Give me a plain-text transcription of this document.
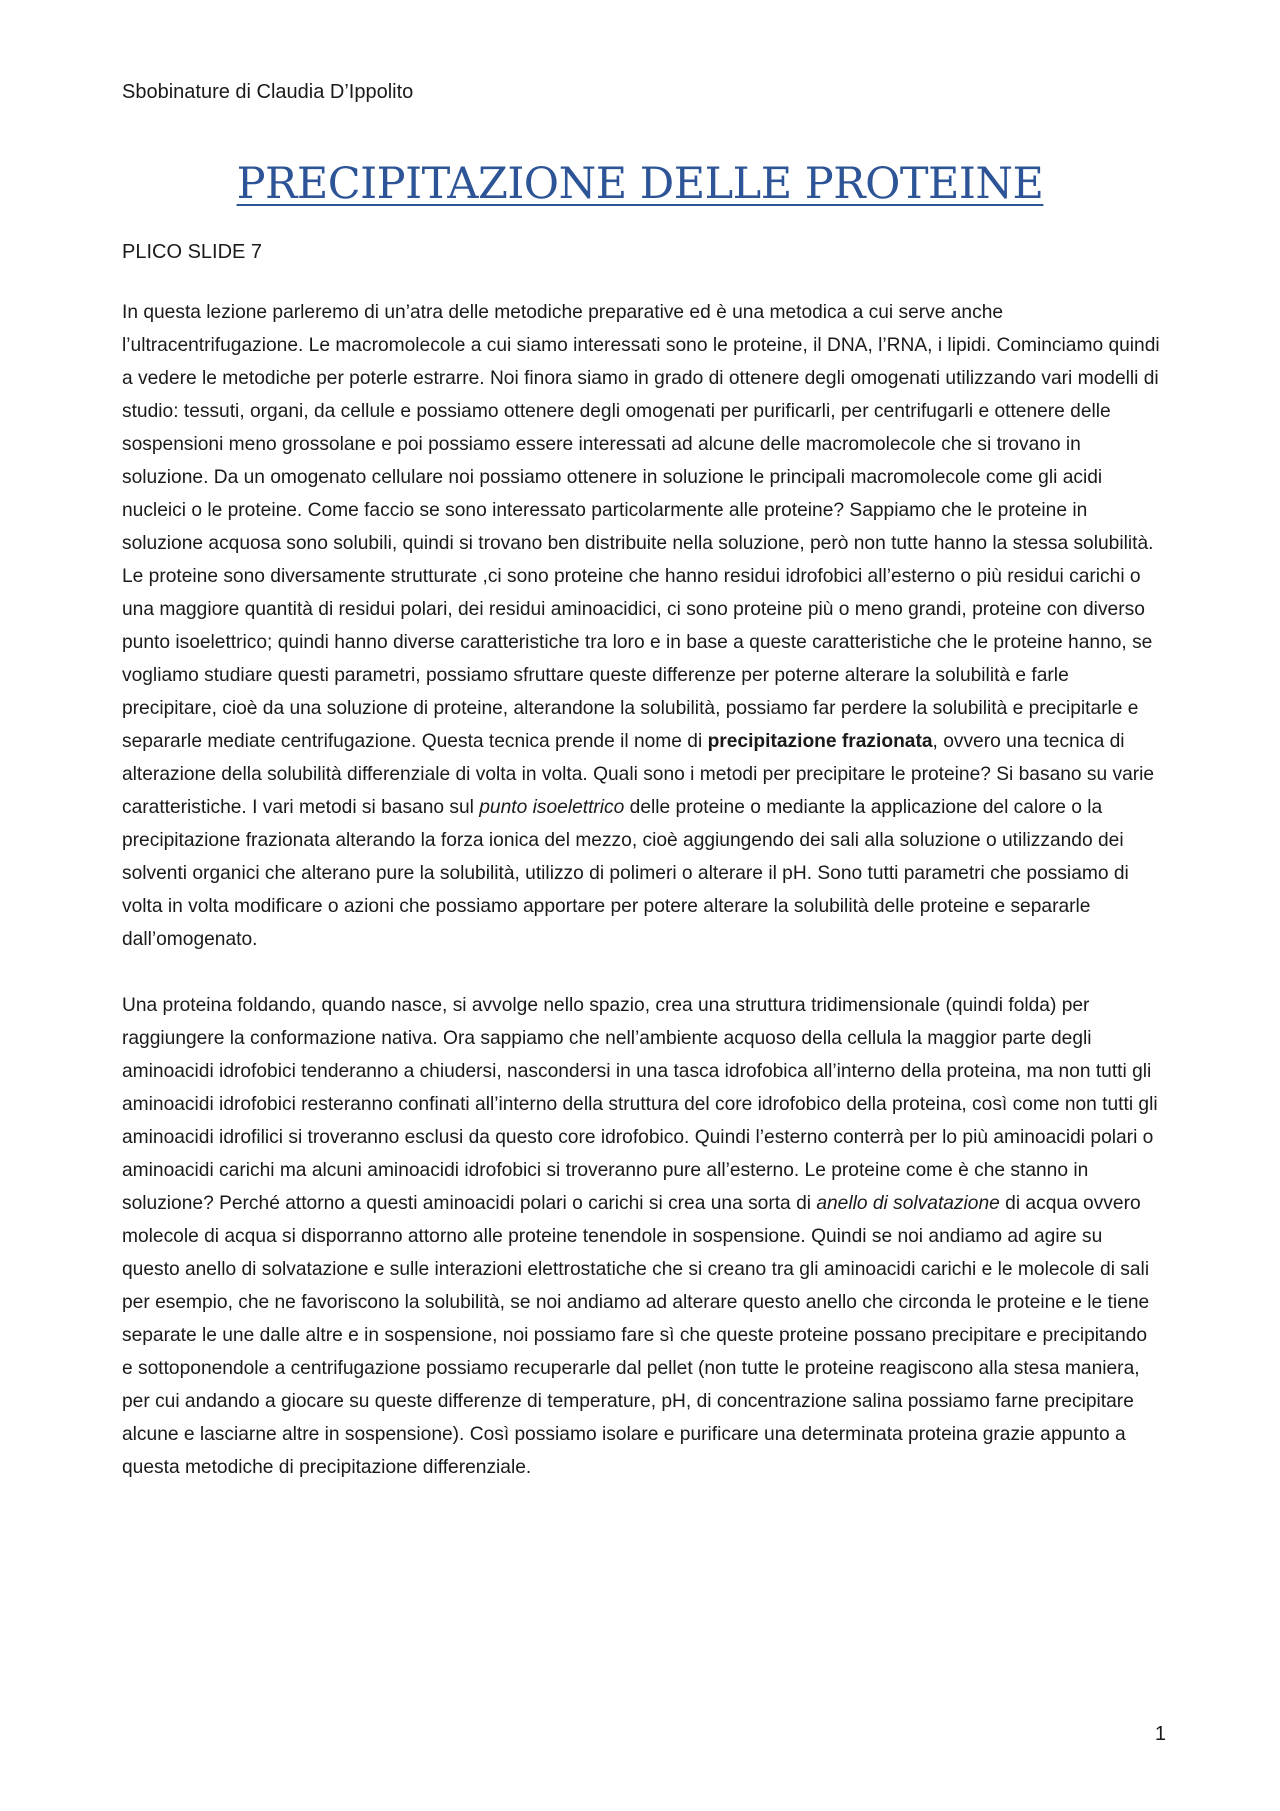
Sbobinature di Claudia D’Ippolito
PRECIPITAZIONE DELLE PROTEINE
PLICO SLIDE 7

In questa lezione parleremo di un’atra delle metodiche preparative ed è una metodica a cui serve anche l’ultracentrifugazione. Le macromolecole a cui siamo interessati sono le proteine, il DNA, l’RNA, i lipidi. Cominciamo quindi a vedere le metodiche per poterle estrarre. Noi finora siamo in grado di ottenere degli omogenati utilizzando vari modelli di studio: tessuti, organi, da cellule e possiamo ottenere degli omogenati per purificarli, per centrifugarli e ottenere delle sospensioni meno grossolane e poi possiamo essere interessati ad alcune delle macromolecole che si trovano in soluzione. Da un omogenato cellulare noi possiamo ottenere in soluzione le principali macromolecole come gli acidi nucleici o le proteine. Come faccio se sono interessato particolarmente alle proteine? Sappiamo che le proteine in soluzione acquosa sono solubili, quindi si trovano ben distribuite nella soluzione, però non tutte hanno la stessa solubilità. Le proteine sono diversamente strutturate ,ci sono proteine che hanno residui idrofobici all’esterno o più residui carichi o una maggiore quantità di residui polari, dei residui aminoacidici, ci sono proteine più o meno grandi, proteine con diverso punto isoelettrico; quindi hanno diverse caratteristiche tra loro e in base a queste caratteristiche che le proteine hanno, se vogliamo studiare questi parametri, possiamo sfruttare queste differenze per poterne alterare la solubilità e farle precipitare, cioè da una soluzione di proteine, alterandone la solubilità, possiamo far perdere la solubilità e precipitarle e separarle mediate centrifugazione. Questa tecnica prende il nome di precipitazione frazionata, ovvero una tecnica di alterazione della solubilità differenziale di volta in volta. Quali sono i metodi per precipitare le proteine? Si basano su varie caratteristiche. I vari metodi si basano sul punto isoelettrico delle proteine o mediante la applicazione del calore o la precipitazione frazionata alterando la forza ionica del mezzo, cioè aggiungendo dei sali alla soluzione o utilizzando dei solventi organici che alterano pure la solubilità, utilizzo di polimeri o alterare il pH. Sono tutti parametri che possiamo di volta in volta modificare o azioni che possiamo apportare per potere alterare la solubilità delle proteine e separarle dall’omogenato.

Una proteina foldando, quando nasce, si avvolge nello spazio, crea una struttura tridimensionale (quindi folda) per raggiungere la conformazione nativa. Ora sappiamo che nell’ambiente acquoso della cellula la maggior parte degli aminoacidi idrofobici tenderanno a chiudersi, nascondersi in una tasca idrofobica all’interno della proteina, ma non tutti gli aminoacidi idrofobici resteranno confinati all’interno della struttura del core idrofobico della proteina, così come non tutti gli aminoacidi idrofilici si troveranno esclusi da questo core idrofobico. Quindi l’esterno conterrà per lo più aminoacidi polari o aminoacidi carichi ma alcuni aminoacidi idrofobici si troveranno pure all’esterno. Le proteine come è che stanno in soluzione? Perché attorno a questi aminoacidi polari o carichi si crea una sorta di anello di solvatazione di acqua ovvero molecole di acqua si disporranno attorno alle proteine tenendole in sospensione. Quindi se noi andiamo ad agire su questo anello di solvatazione e sulle interazioni elettrostatiche che si creano tra gli aminoacidi carichi e le molecole di sali per esempio, che ne favoriscono la solubilità, se noi andiamo ad alterare questo anello che circonda le proteine e le tiene separate le une dalle altre e in sospensione, noi possiamo fare sì che queste proteine possano precipitare e precipitando e sottoponendole a centrifugazione possiamo recuperarle dal pellet (non tutte le proteine reagiscono alla stesa maniera, per cui andando a giocare su queste differenze di temperature, pH, di concentrazione salina possiamo farne precipitare alcune e lasciarne altre in sospensione). Così possiamo isolare e purificare una determinata proteina grazie appunto a questa metodiche di precipitazione differenziale.

1
